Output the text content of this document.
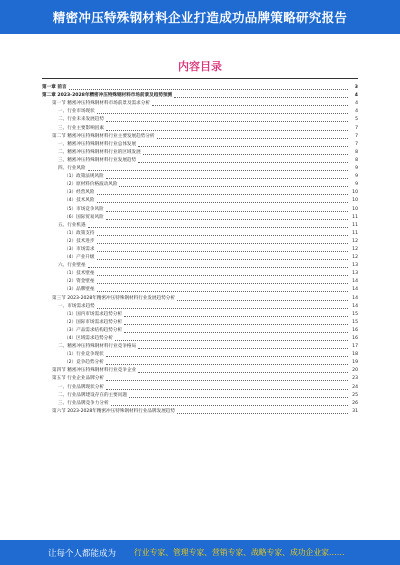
精密冲压特殊钢材料企业打造成功品牌策略研究报告
内容目录
第一章 前言	3
第二章 2023-2028年精密冲压特殊钢材料市场前景及趋势预测	4
第一节 精密冲压特殊钢材料市场前景及需求分析	4
一、行业市场现状	4
二、行业未来发展趋势	5
三、行业主要影响因素	7
第二节 精密冲压特殊钢材料行业主要发展趋势分析	7
一、精密冲压特殊钢材料行业总体发展	7
二、精密冲压特殊钢材料行业的区域发展	8
三、精密冲压特殊钢材料行业发展趋势	8
四、行业风险	9
（1）政策法规风险	9
（2）原材料价格波动风险	9
（3）经营风险	10
（4）技术风险	10
（5）市场竞争风险	10
（6）国际贸易风险	11
五、行业机遇	11
（1）政策支持	11
（2）技术进步	12
（3）市场需求	12
（4）产业升级	12
六、行业壁垒	13
（1）技术壁垒	13
（2）资金壁垒	14
（3）品牌壁垒	14
第三节 2023-2028年精密冲压特殊钢材料行业发展趋势分析	14
一、市场需求趋势	14
（1）国内市场需求趋势分析	15
（2）国际市场需求趋势分析	15
（3）产品需求结构趋势分析	16
（4）区域需求趋势分析	16
二、精密冲压特殊钢材料行业竞争格局	17
（1）行业竞争现状	18
（2）竞争趋势分析	19
第四节 精密冲压特殊钢材料行业竞争企业	20
第五节 行业企业品牌分析	23
一、行业品牌现状分析	24
二、行业品牌建设存在的主要问题	25
三、行业品牌竞争力分析	26
第六节 2023-2028年精密冲压特殊钢材料行业品牌发展趋势	31
让每个人都能成为 行业专家、管理专家、营销专家、战略专家、成功企业家……
